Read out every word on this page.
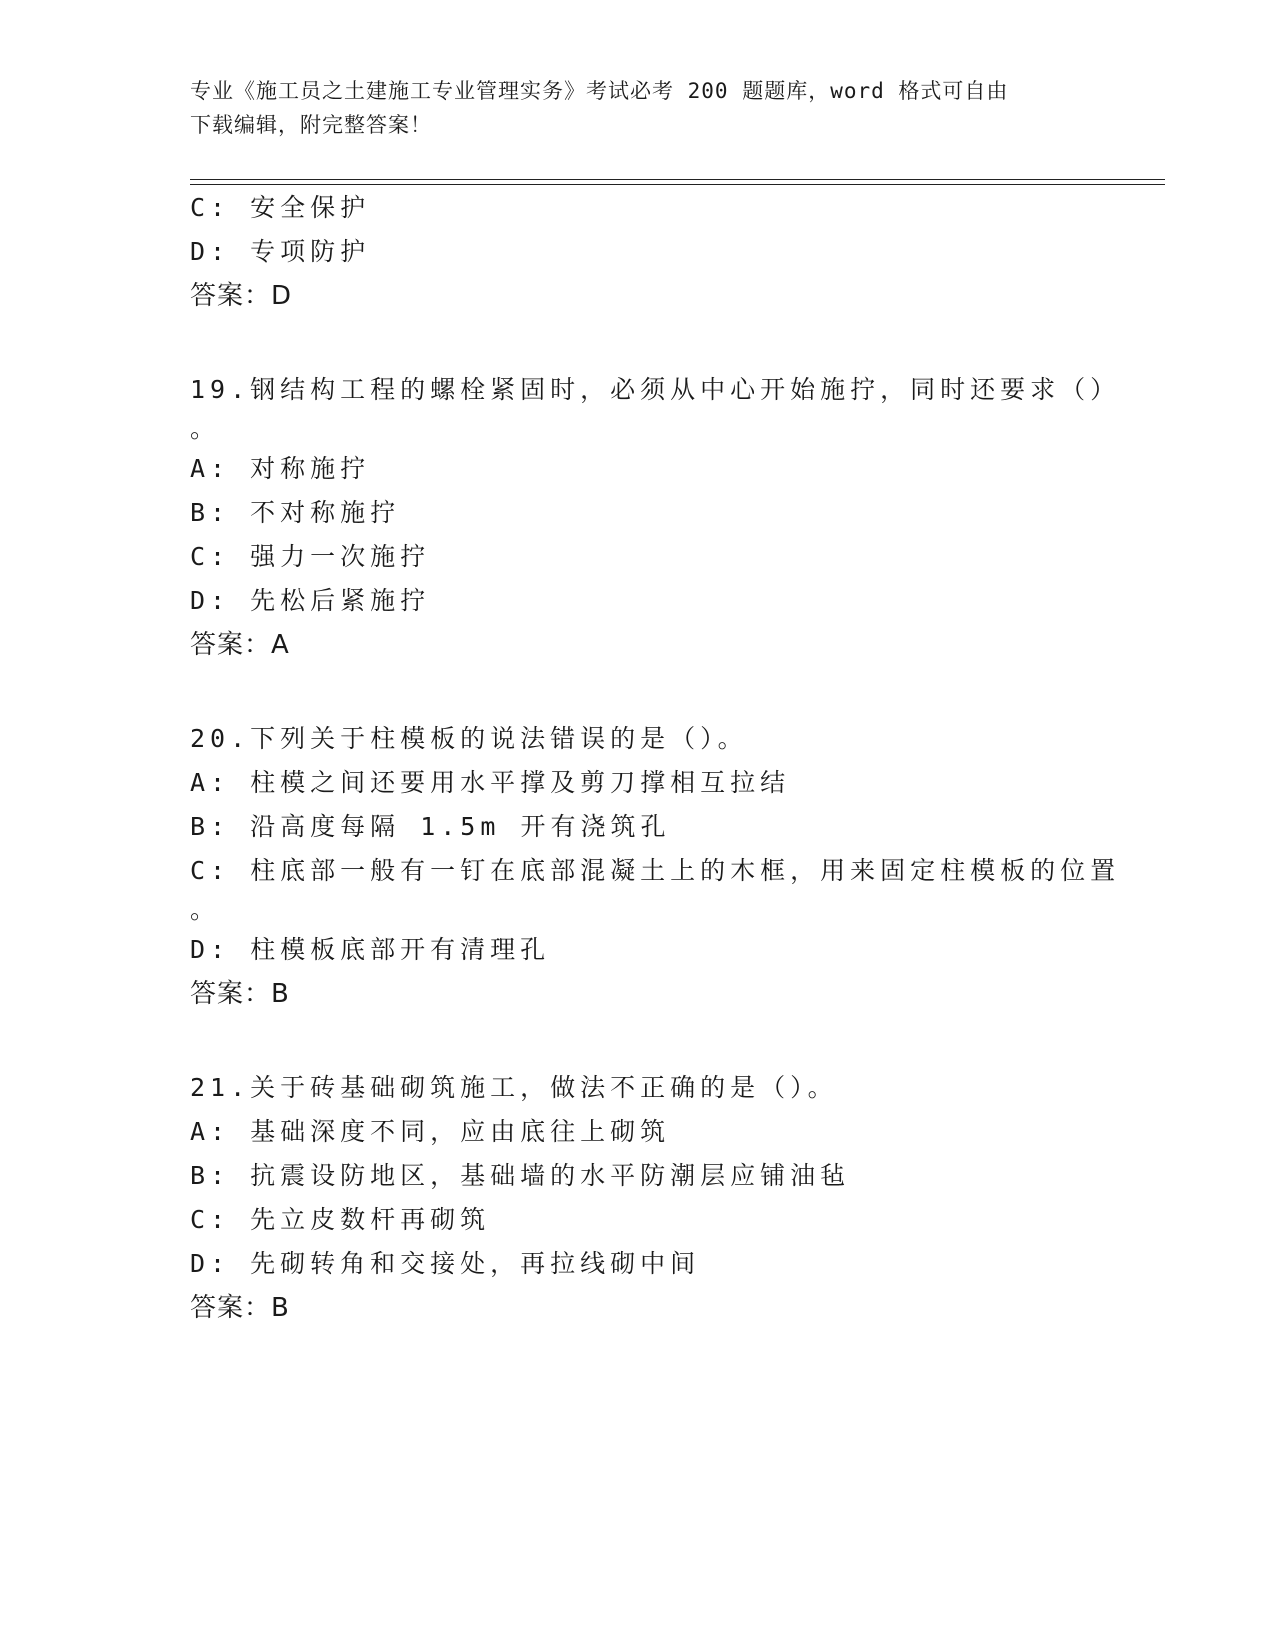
专业《施工员之土建施工专业管理实务》考试必考 200 题题库，word 格式可自由
下载编辑，附完整答案！
C: 安全保护
D: 专项防护
答案：D
19.钢结构工程的螺栓紧固时，必须从中心开始施拧，同时还要求（）
。
A: 对称施拧
B: 不对称施拧
C: 强力一次施拧
D: 先松后紧施拧
答案：A
20.下列关于柱模板的说法错误的是（）。
A: 柱模之间还要用水平撑及剪刀撑相互拉结
B: 沿高度每隔 1.5m 开有浇筑孔
C: 柱底部一般有一钉在底部混凝土上的木框，用来固定柱模板的位置
。
D: 柱模板底部开有清理孔
答案：B
21.关于砖基础砌筑施工，做法不正确的是（）。
A: 基础深度不同，应由底往上砌筑
B: 抗震设防地区，基础墙的水平防潮层应铺油毡
C: 先立皮数杆再砌筑
D: 先砌转角和交接处，再拉线砌中间
答案：B
